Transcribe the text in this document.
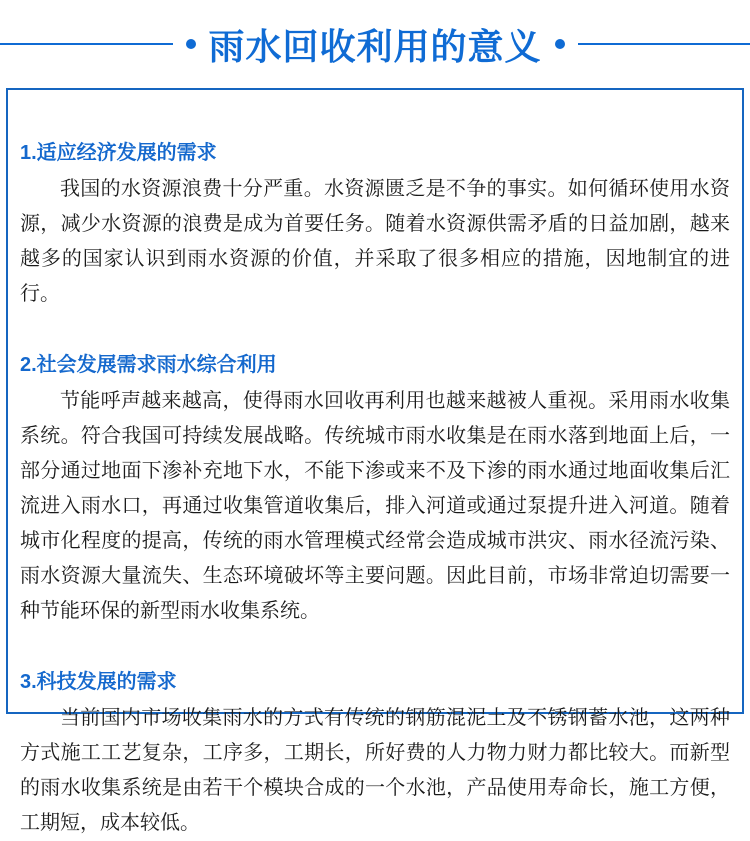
雨水回收利用的意义
1.适应经济发展的需求

我国的水资源浪费十分严重。水资源匮乏是不争的事实。如何循环使用水资源，减少水资源的浪费是成为首要任务。随着水资源供需矛盾的日益加剧，越来越多的国家认识到雨水资源的价值，并采取了很多相应的措施，因地制宜的进行。

2.社会发展需求雨水综合利用

节能呼声越来越高，使得雨水回收再利用也越来越被人重视。采用雨水收集系统。符合我国可持续发展战略。传统城市雨水收集是在雨水落到地面上后，一部分通过地面下渗补充地下水，不能下渗或来不及下渗的雨水通过地面收集后汇流进入雨水口，再通过收集管道收集后，排入河道或通过泵提升进入河道。随着城市化程度的提高，传统的雨水管理模式经常会造成城市洪灾、雨水径流污染、雨水资源大量流失、生态环境破坏等主要问题。因此目前，市场非常迫切需要一种节能环保的新型雨水收集系统。

3.科技发展的需求

当前国内市场收集雨水的方式有传统的钢筋混泥土及不锈钢蓄水池，这两种方式施工工艺复杂，工序多，工期长，所好费的人力物力财力都比较大。而新型的雨水收集系统是由若干个模块合成的一个水池，产品使用寿命长，施工方便，工期短，成本较低。
